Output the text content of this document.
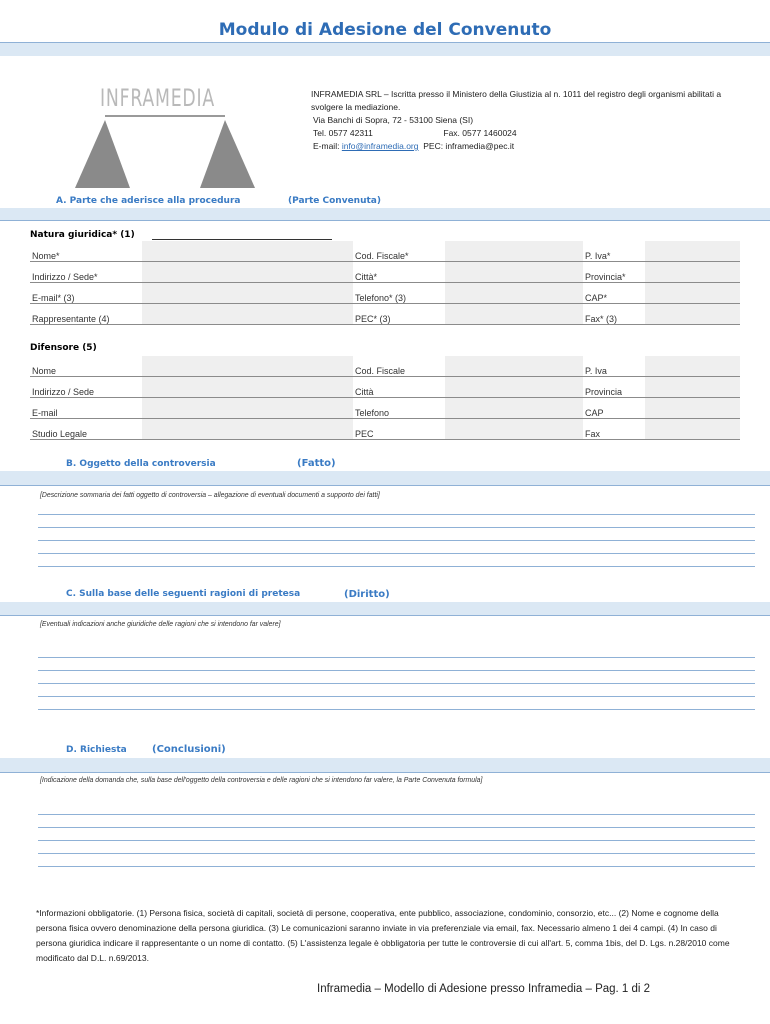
Modulo di Adesione del Convenuto
INFRAMEDIA	INFRAMEDIA SRL – Iscritta presso il Ministero della Giustizia al n. 1011 del registro degli organismi abilitati a svolgere la mediazione.
Via Banchi di Sopra, 72 - 53100 Siena (SI)
Tel. 0577 42311	Fax. 0577 1460024
E-mail: info@inframedia.org PEC: inframedia@pec.it
A. Parte che aderisce alla procedura	(Parte Convenuta)
Natura giuridica* (1)
Nome*		Cod. Fiscale*		P. Iva*	
Indirizzo / Sede*		Città*		Provincia*	
E-mail* (3)		Telefono* (3)		CAP*	
Rappresentante (4)		PEC* (3)		Fax* (3)	
Difensore (5)
Nome		Cod. Fiscale		P. Iva	
Indirizzo / Sede		Città		Provincia	
E-mail		Telefono		CAP	
Studio Legale		PEC		Fax	
B. Oggetto della controversia	(Fatto)
[Descrizione sommaria dei fatti oggetto di controversia – allegazione di eventuali documenti a supporto dei fatti]
C. Sulla base delle seguenti ragioni di pretesa	(Diritto)
[Eventuali indicazioni anche giuridiche delle ragioni che si intendono far valere]
D. Richiesta	(Conclusioni)
[Indicazione della domanda che, sulla base dell'oggetto della controversia e delle ragioni che si intendono far valere, la Parte Convenuta formula]
*Informazioni obbligatorie. (1) Persona fisica, società di capitali, società di persone, cooperativa, ente pubblico, associazione, condominio, consorzio, etc... (2) Nome e cognome della persona fisica ovvero denominazione della persona giuridica. (3) Le comunicazioni saranno inviate in via preferenziale via email, fax. Necessario almeno 1 dei 4 campi. (4) In caso di persona giuridica indicare il rappresentante o un nome di contatto. (5) L'assistenza legale è obbligatoria per tutte le controversie di cui all'art. 5, comma 1bis, del D. Lgs. n.28/2010 come modificato dal D.L. n.69/2013.
Inframedia – Modello di Adesione presso Inframedia – Pag. 1 di 2
